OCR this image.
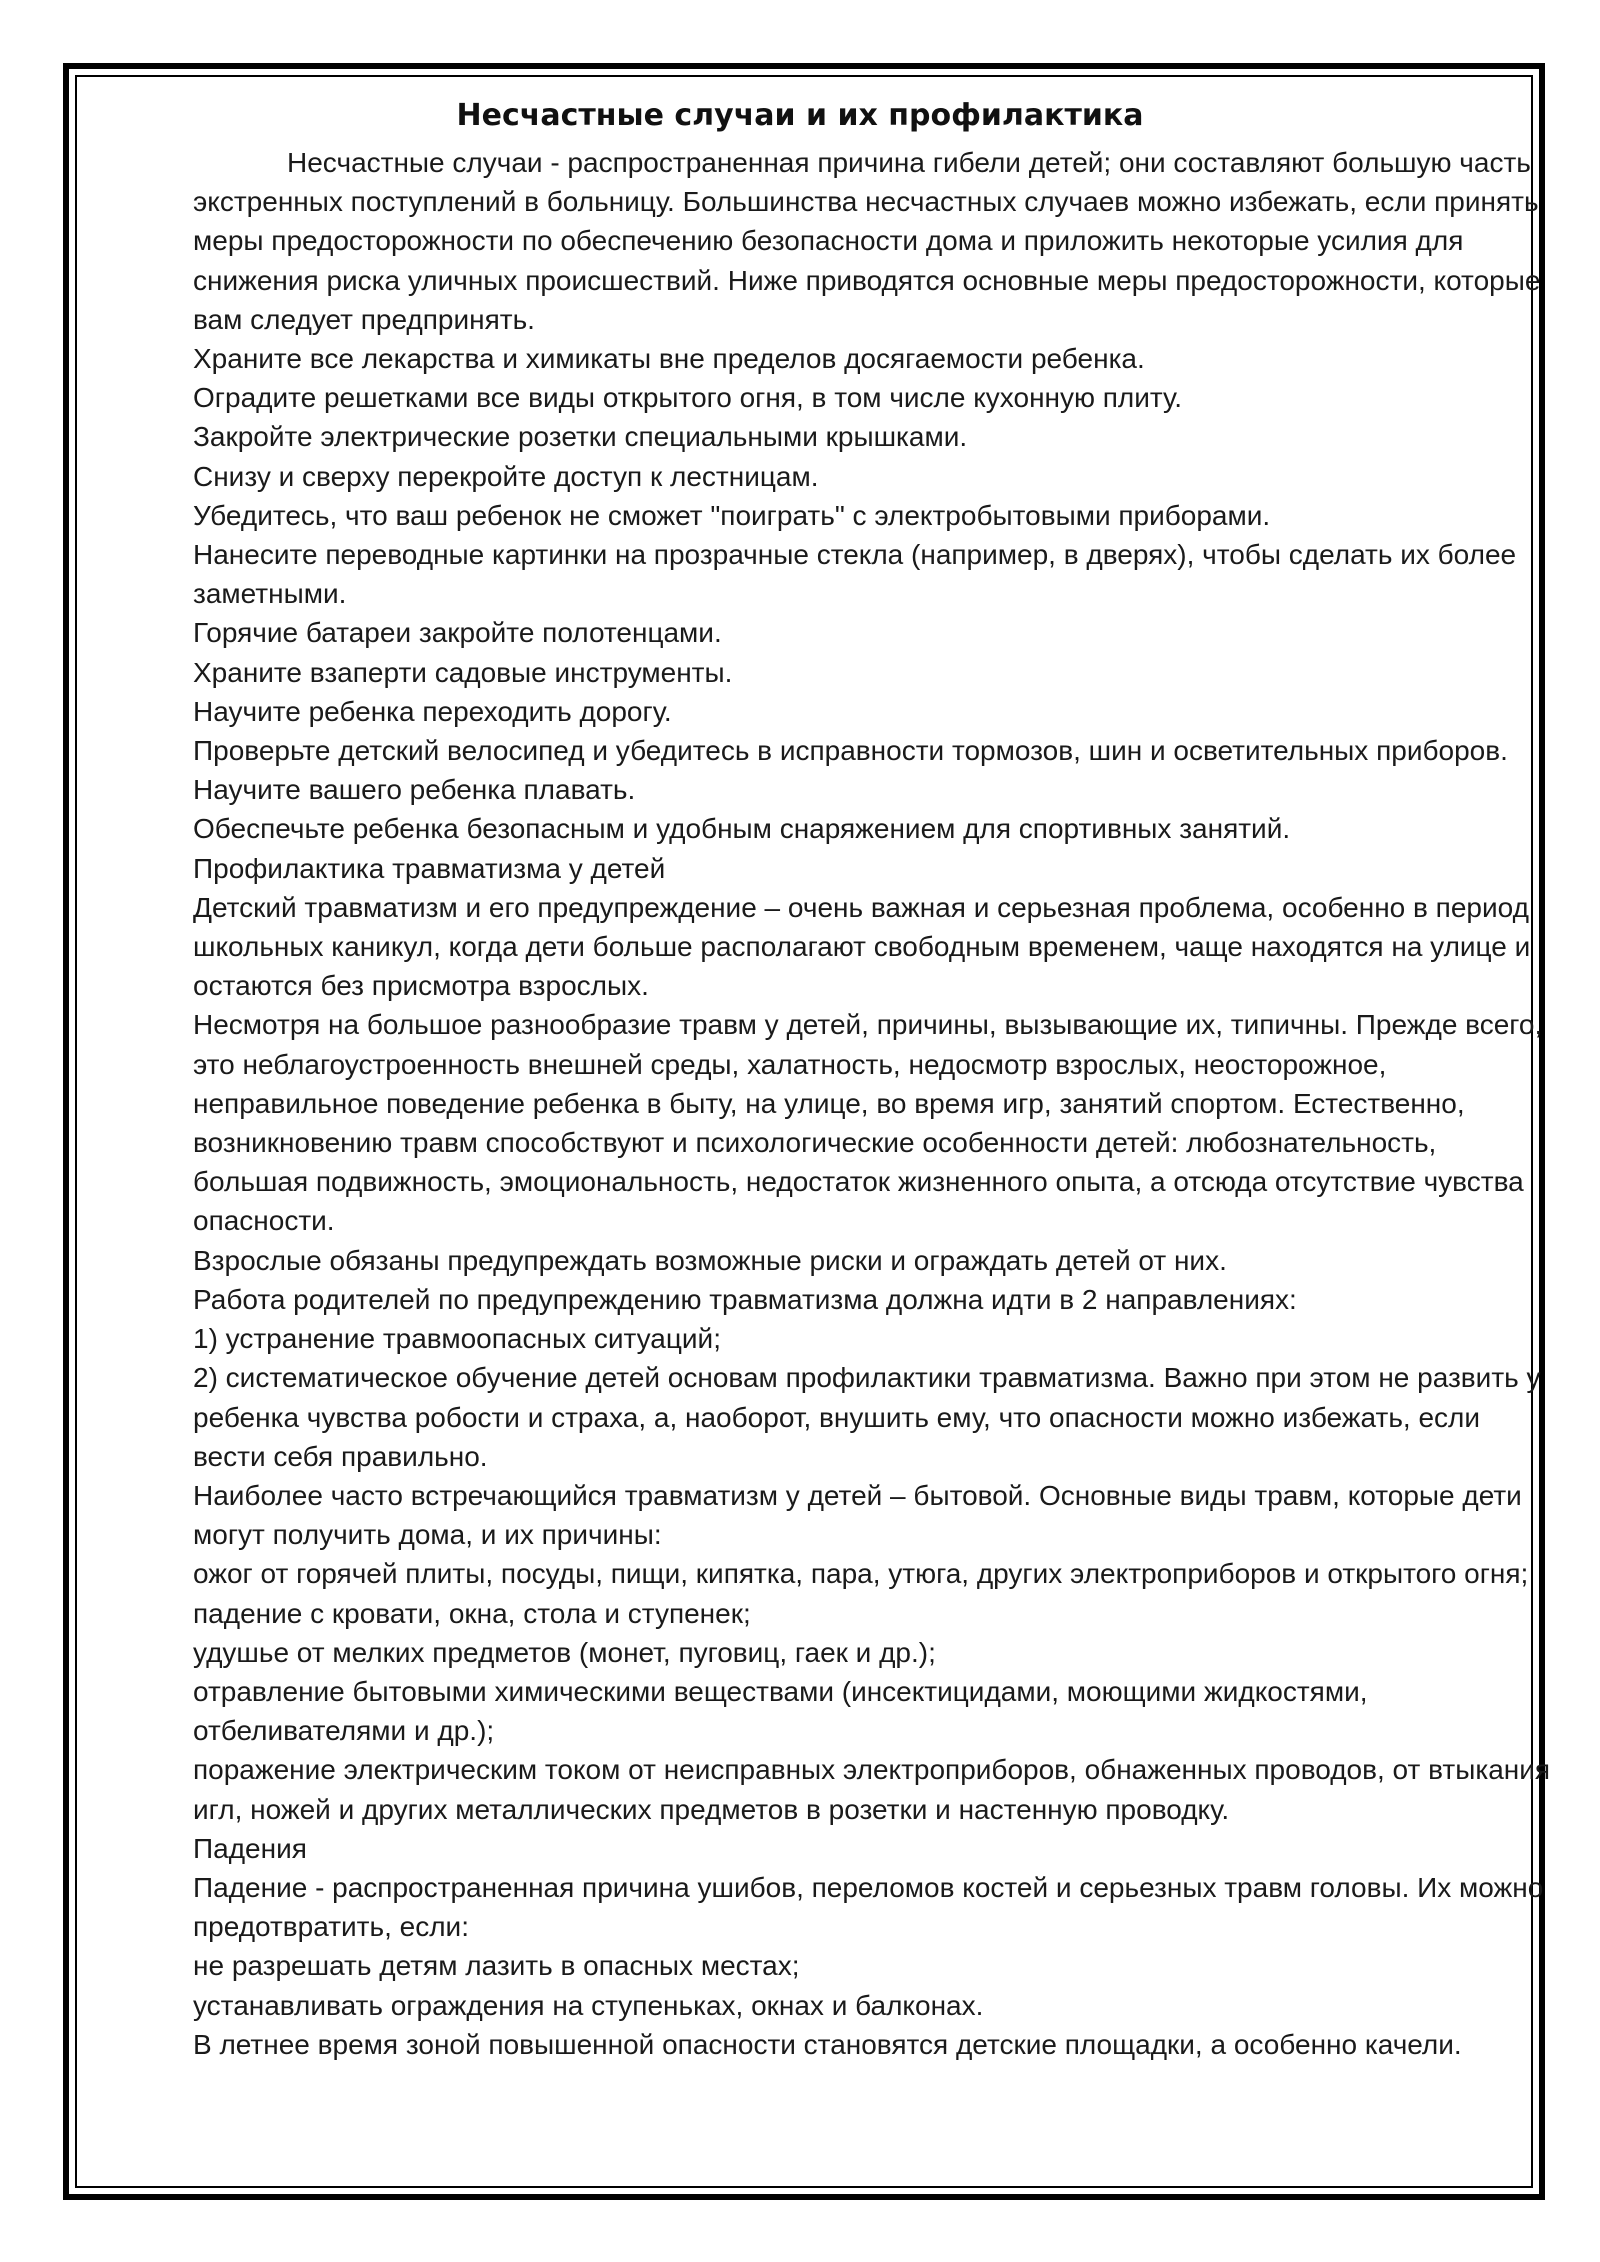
Несчастные случаи и их профилактика

Несчастные случаи - распространенная причина гибели детей; они составляют большую часть экстренных поступлений в больницу. Большинства несчастных случаев можно избежать, если принять меры предосторожности по обеспечению безопасности дома и приложить некоторые усилия для снижения риска уличных происшествий. Ниже приводятся основные меры предосторожности, которые вам следует предпринять.

Храните все лекарства и химикаты вне пределов досягаемости ребенка.

Оградите решетками все виды открытого огня, в том числе кухонную плиту.

Закройте электрические розетки специальными крышками.

Снизу и сверху перекройте доступ к лестницам.

Убедитесь, что ваш ребенок не сможет "поиграть" с электробытовыми приборами.

Нанесите переводные картинки на прозрачные стекла (например, в дверях), чтобы сделать их более заметными.

Горячие батареи закройте полотенцами.

Храните взаперти садовые инструменты.

Научите ребенка переходить дорогу.

Проверьте детский велосипед и убедитесь в исправности тормозов, шин и осветительных приборов.

Научите вашего ребенка плавать.

Обеспечьте ребенка безопасным и удобным снаряжением для спортивных занятий.

Профилактика травматизма у детей

Детский травматизм и его предупреждение – очень важная и серьезная проблема, особенно в период школьных каникул, когда дети больше располагают свободным временем, чаще находятся на улице и остаются без присмотра взрослых.

Несмотря на большое разнообразие травм у детей, причины, вызывающие их, типичны. Прежде всего, это неблагоустроенность внешней среды, халатность, недосмотр взрослых, неосторожное, неправильное поведение ребенка в быту, на улице, во время игр, занятий спортом. Естественно, возникновению травм способствуют и психологические особенности детей: любознательность, большая подвижность, эмоциональность, недостаток жизненного опыта, а отсюда отсутствие чувства опасности.

Взрослые обязаны предупреждать возможные риски и ограждать детей от них.

Работа родителей по предупреждению травматизма должна идти в 2 направлениях:

1) устранение травмоопасных ситуаций;

2) систематическое обучение детей основам профилактики травматизма. Важно при этом не развить у ребенка чувства робости и страха, а, наоборот, внушить ему, что опасности можно избежать, если вести себя правильно.

Наиболее часто встречающийся травматизм у детей – бытовой. Основные виды травм, которые дети могут получить дома, и их причины:

ожог от горячей плиты, посуды, пищи, кипятка, пара, утюга, других электроприборов и открытого огня;

падение с кровати, окна, стола и ступенек;

удушье от мелких предметов (монет, пуговиц, гаек и др.);

отравление бытовыми химическими веществами (инсектицидами, моющими жидкостями, отбеливателями и др.);

поражение электрическим током от неисправных электроприборов, обнаженных проводов, от втыкания игл, ножей и других металлических предметов в розетки и настенную проводку.

Падения

Падение - распространенная причина ушибов, переломов костей и серьезных травм головы. Их можно предотвратить, если:

не разрешать детям лазить в опасных местах;

устанавливать ограждения на ступеньках, окнах и балконах.

В летнее время зоной повышенной опасности становятся детские площадки, а особенно качели.
